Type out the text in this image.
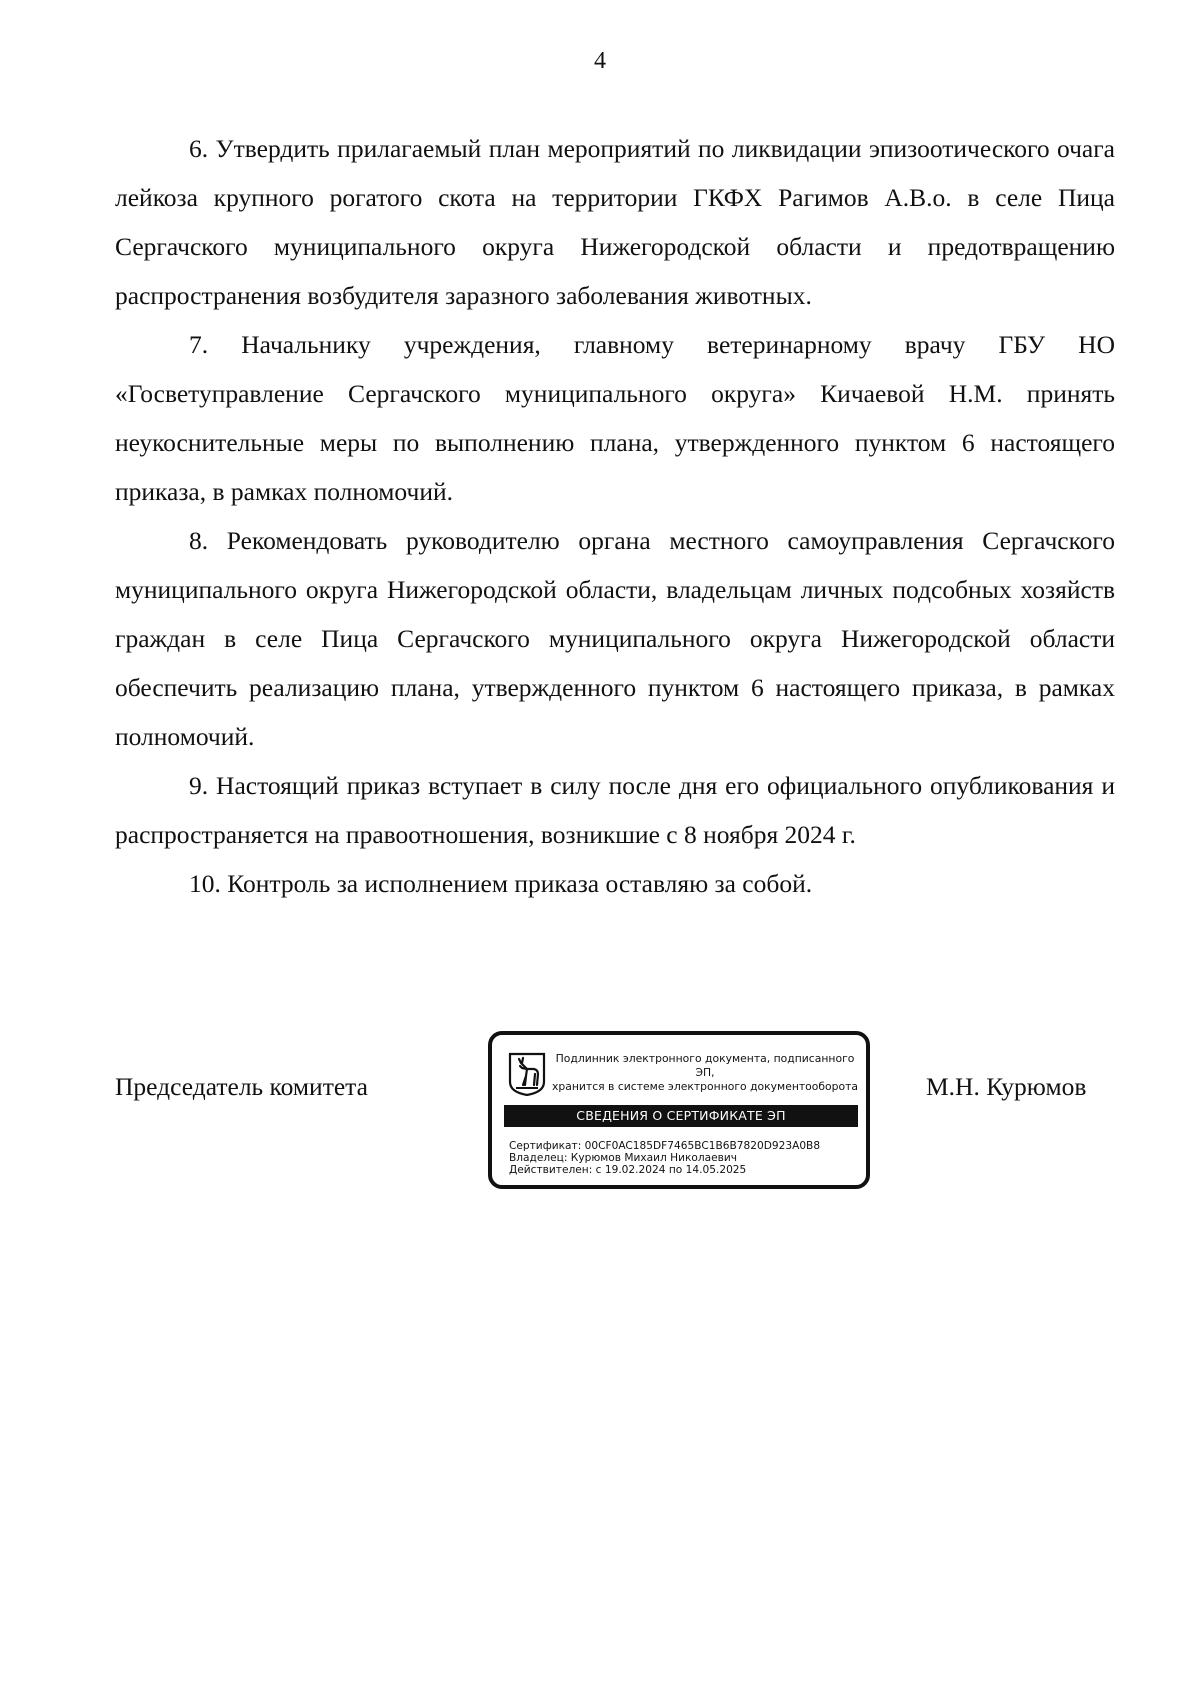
4

6. Утвердить прилагаемый план мероприятий по ликвидации эпизоотического очага лейкоза крупного рогатого скота на территории ГКФХ Рагимов А.В.о. в селе Пица Сергачского муниципального округа Нижегородской области и предотвращению распространения возбудителя заразного заболевания животных.

7. Начальнику учреждения, главному ветеринарному врачу ГБУ НО «Госветуправление Сергачского муниципального округа» Кичаевой Н.М. принять неукоснительные меры по выполнению плана, утвержденного пунктом 6 настоящего приказа, в рамках полномочий.

8. Рекомендовать руководителю органа местного самоуправления Сергачского муниципального округа Нижегородской области, владельцам личных подсобных хозяйств граждан в селе Пица Сергачского муниципального округа Нижегородской области обеспечить реализацию плана, утвержденного пунктом 6 настоящего приказа, в рамках полномочий.

9. Настоящий приказ вступает в силу после дня его официального опубликования и распространяется на правоотношения, возникшие с 8 ноября 2024 г.

10. Контроль за исполнением приказа оставляю за собой.

Председатель комитета
Подлинник электронного документа, подписанного ЭП,
хранится в системе электронного документооборота
СВЕДЕНИЯ О СЕРТИФИКАТЕ ЭП
Сертификат: 00CF0AC185DF7465BC1B6B7820D923A0B8
Владелец: Курюмов Михаил Николаевич
Действителен: с 19.02.2024 по 14.05.2025
М.Н. Курюмов
